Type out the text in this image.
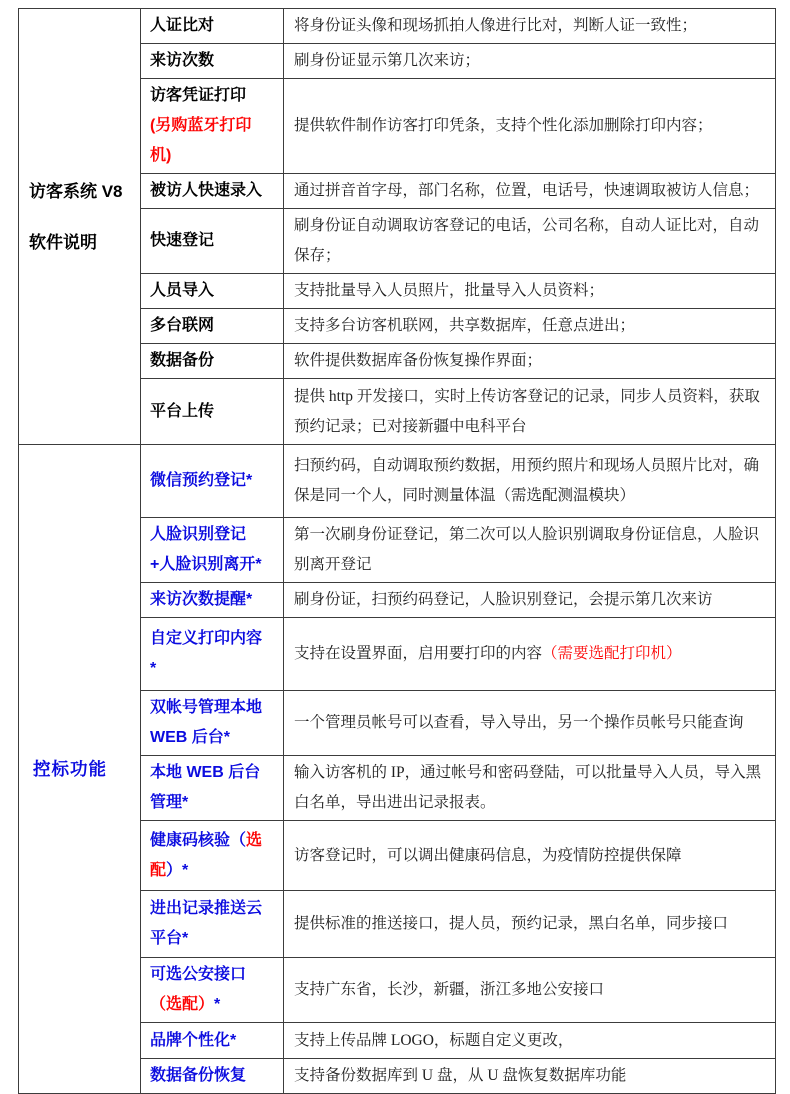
访客系统 V8
软件说明	人证比对	将身份证头像和现场抓拍人像进行比对，判断人证一致性；
	来访次数	刷身份证显示第几次来访；
	访客凭证打印(另购蓝牙打印机)	提供软件制作访客打印凭条，支持个性化添加删除打印内容；
	被访人快速录入	通过拼音首字母，部门名称，位置，电话号，快速调取被访人信息；
	快速登记	刷身份证自动调取访客登记的电话，公司名称，自动人证比对，自动保存；
	人员导入	支持批量导入人员照片，批量导入人员资料；
	多台联网	支持多台访客机联网，共享数据库，任意点进出；
	数据备份	软件提供数据库备份恢复操作界面；
	平台上传	提供 http 开发接口，实时上传访客登记的记录，同步人员资料，获取预约记录；已对接新疆中电科平台

控标功能	微信预约登记*	扫预约码，自动调取预约数据，用预约照片和现场人员照片比对，确保是同一个人，同时测量体温（需选配测温模块）
	人脸识别登记+人脸识别离开*	第一次刷身份证登记，第二次可以人脸识别调取身份证信息，人脸识别离开登记
	来访次数提醒*	刷身份证，扫预约码登记，人脸识别登记，会提示第几次来访
	自定义打印内容*	支持在设置界面，启用要打印的内容（需要选配打印机）
	双帐号管理本地 WEB 后台*	一个管理员帐号可以查看，导入导出，另一个操作员帐号只能查询
	本地 WEB 后台管理*	输入访客机的 IP，通过帐号和密码登陆，可以批量导入人员，导入黑白名单，导出进出记录报表。
	健康码核验（选配）*	访客登记时，可以调出健康码信息，为疫情防控提供保障
	进出记录推送云平台*	提供标准的推送接口，提人员，预约记录，黑白名单，同步接口
	可选公安接口（选配）*	支持广东省，长沙，新疆，浙江多地公安接口
	品牌个性化*	支持上传品牌 LOGO，标题自定义更改，
	数据备份恢复	支持备份数据库到 U 盘，从 U 盘恢复数据库功能
